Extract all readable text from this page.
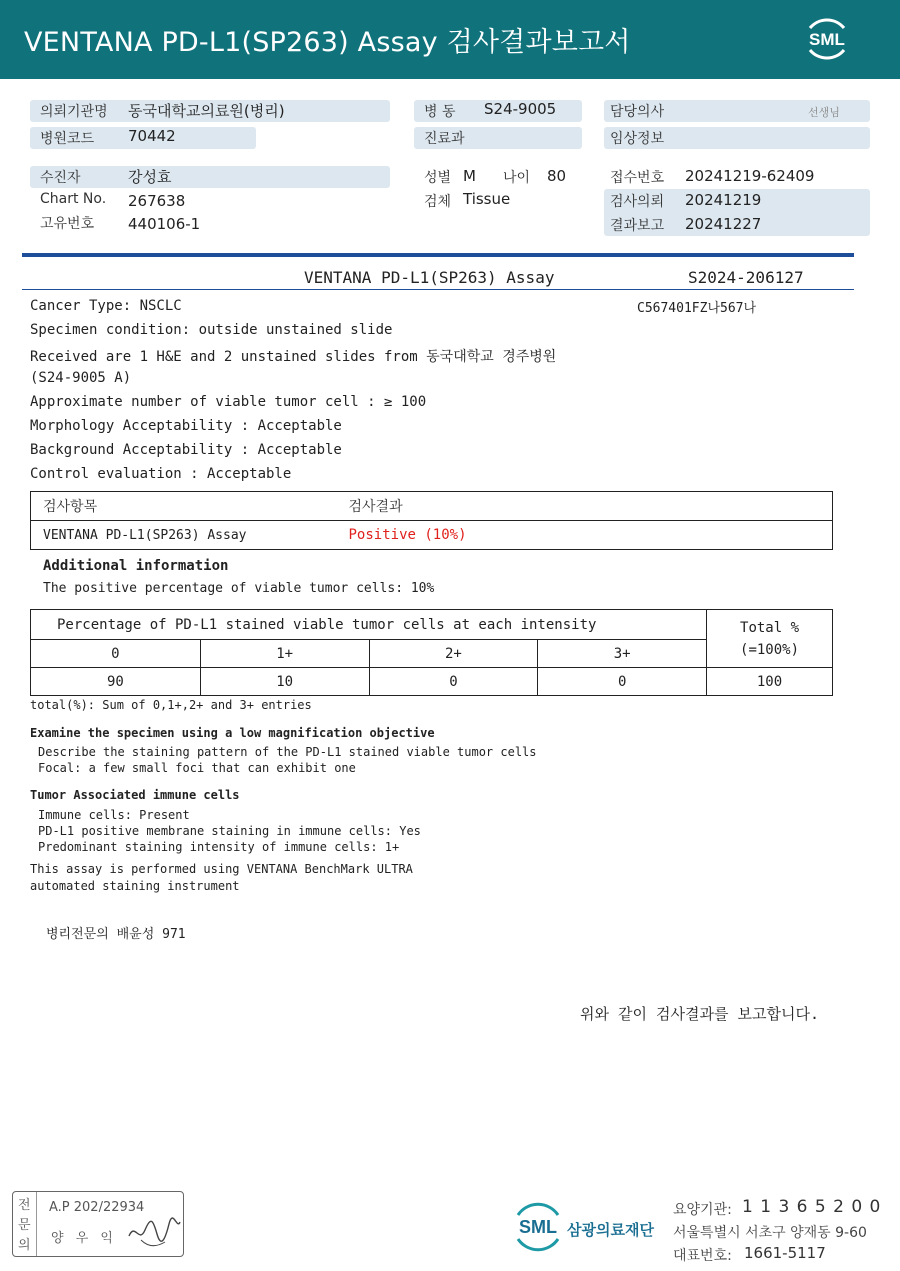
VENTANA PD-L1(SP263) Assay 검사결과보고서	SML
의뢰기관명 동국대학교의료원(병리)
병원코드 70442
병 동 S24-9005
진료과
담당의사	선생님
임상정보
수진자	강성효
Chart No. 267638
고유번호 440106-1
성별 M 나이 80
검체 Tissue
접수번호 20241219-62409
검사의뢰 20241219
결과보고 20241227
VENTANA PD-L1(SP263) Assay	S2024-206127
C567401FZ나567나
Cancer Type: NSCLC
Specimen condition: outside unstained slide
Received are 1 H&E and 2 unstained slides from 동국대학교 경주병원
(S24-9005 A)
Approximate number of viable tumor cell : ≥ 100
Morphology Acceptability : Acceptable
Background Acceptability : Acceptable
Control evaluation : Acceptable
검사항목	검사결과
VENTANA PD-L1(SP263) Assay	Positive (10%)
Additional information
The positive percentage of viable tumor cells: 10%
Percentage of PD-L1 stained viable tumor cells at each intensity				Total %
(=100%)
0	1+	2+	3+	
90	10	0	0	100
total(%): Sum of 0,1+,2+ and 3+ entries
Examine the specimen using a low magnification objective
Describe the staining pattern of the PD-L1 stained viable tumor cells
Focal: a few small foci that can exhibit one
Tumor Associated immune cells
Immune cells: Present
PD-L1 positive membrane staining in immune cells: Yes
Predominant staining intensity of immune cells: 1+
This assay is performed using VENTANA BenchMark ULTRA
automated staining instrument
병리전문의 배윤성 971
위와 같이 검사결과를 보고합니다.
전
문
의
A.P 202/22934
양 우 익
SML 삼광의료재단
요양기관: 1 1 3 6 5 2 0 0
서울특별시 서초구 양재동 9-60
대표번호: 1661-5117
